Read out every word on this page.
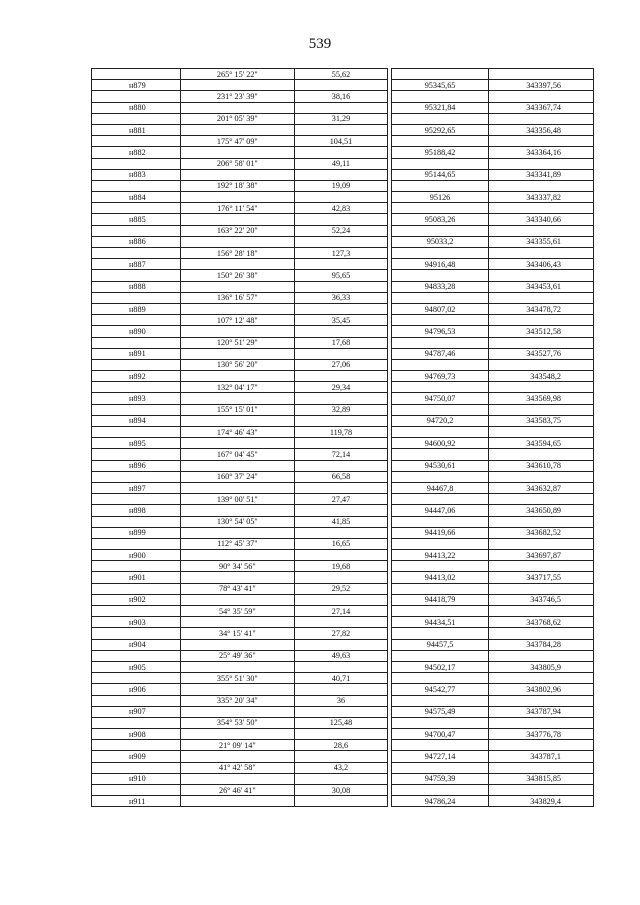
539
	265° 15' 22"	55,62			
н879				95345,65	343397,56
	231° 23' 39"	38,16			
н880				95321,84	343367,74
	201° 05' 39"	31,29			
н881				95292,65	343356,48
	175° 47' 09"	104,51			
н882				95188,42	343364,16
	206° 58' 01"	49,11			
н883				95144,65	343341,89
	192° 18' 38"	19,09			
н884				95126	343337,82
	176° 11' 54"	42,83			
н885				95083,26	343340,66
	163° 22' 20"	52,24			
н886				95033,2	343355,61
	156° 28' 18"	127,3			
н887				94916,48	343406,43
	150° 26' 38"	95,65			
н888				94833,28	343453,61
	136° 16' 57"	36,33			
н889				94807,02	343478,72
	107° 12' 48"	35,45			
н890				94796,53	343512,58
	120° 51' 29"	17,68			
н891				94787,46	343527,76
	130° 56' 20"	27,06			
н892				94769,73	343548,2
	132° 04' 17"	29,34			
н893				94750,07	343569,98
	155° 15' 01"	32,89			
н894				94720,2	343583,75
	174° 46' 43"	119,78			
н895				94600,92	343594,65
	167° 04' 45"	72,14			
н896				94530,61	343610,78
	160° 37' 24"	66,58			
н897				94467,8	343632,87
	139° 00' 51"	27,47			
н898				94447,06	343650,89
	130° 54' 05"	41,85			
н899				94419,66	343682,52
	112° 45' 37"	16,65			
н900				94413,22	343697,87
	90° 34' 56"	19,68			
н901				94413,02	343717,55
	78° 43' 41"	29,52			
н902				94418,79	343746,5
	54° 35' 59"	27,14			
н903				94434,51	343768,62
	34° 15' 41"	27,82			
н904				94457,5	343784,28
	25° 49' 36"	49,63			
н905				94502,17	343805,9
	355° 51' 30"	40,71			
н906				94542,77	343802,96
	335° 20' 34"	36			
н907				94575,49	343787,94
	354° 53' 50"	125,48			
н908				94700,47	343776,78
	21° 09' 14"	28,6			
н909				94727,14	343787,1
	41° 42' 58"	43,2			
н910				94759,39	343815,85
	26° 46' 41"	30,08			
н911				94786,24	343829,4
